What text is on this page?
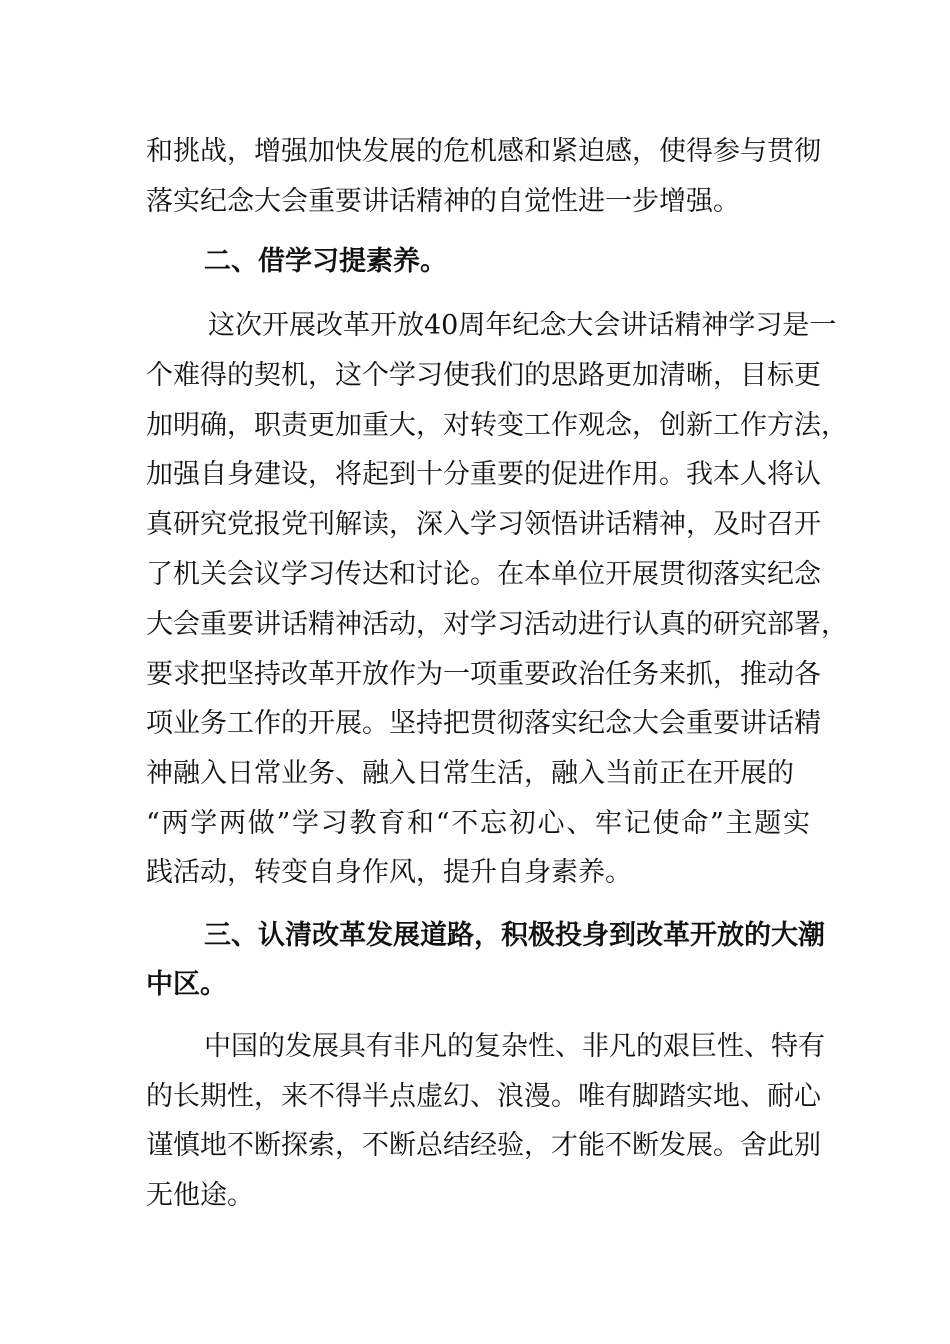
和挑战，增强加快发展的危机感和紧迫感，使得参与贯彻
落实纪念大会重要讲话精神的自觉性进一步增强。
二、借学习提素养。
这次开展改革开放40周年纪念大会讲话精神学习是一
个难得的契机，这个学习使我们的思路更加清晰，目标更
加明确，职责更加重大，对转变工作观念，创新工作方法，
加强自身建设，将起到十分重要的促进作用。我本人将认
真研究党报党刊解读，深入学习领悟讲话精神，及时召开
了机关会议学习传达和讨论。在本单位开展贯彻落实纪念
大会重要讲话精神活动，对学习活动进行认真的研究部署，
要求把坚持改革开放作为一项重要政治任务来抓，推动各
项业务工作的开展。坚持把贯彻落实纪念大会重要讲话精
神融入日常业务、融入日常生活，融入当前正在开展的
“两学两做”学习教育和“不忘初心、牢记使命”主题实
践活动，转变自身作风，提升自身素养。
三、认清改革发展道路，积极投身到改革开放的大潮
中区。
中国的发展具有非凡的复杂性、非凡的艰巨性、特有
的长期性，来不得半点虚幻、浪漫。唯有脚踏实地、耐心
谨慎地不断探索，不断总结经验，才能不断发展。舍此别
无他途。
